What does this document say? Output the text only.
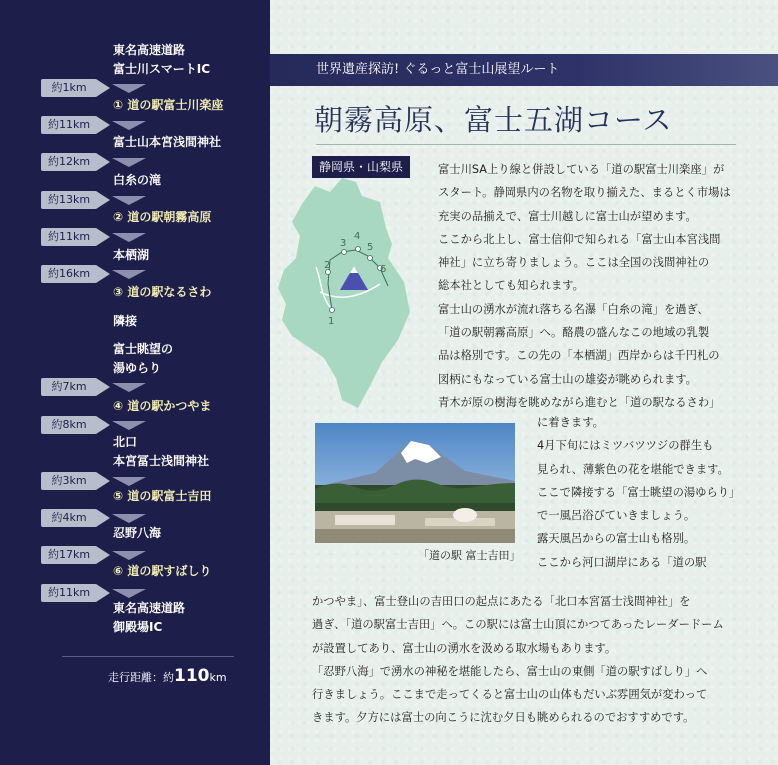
東名高速道路
富士川スマートIC
① 道の駅富士川楽座
富士山本宮浅間神社
白糸の滝
② 道の駅朝霧高原
本栖湖
③ 道の駅なるさわ
隣接
富士眺望の
湯ゆらり
④ 道の駅かつやま
北口
本宮冨士浅間神社
⑤ 道の駅富士吉田
忍野八海
⑥ 道の駅すばしり
東名高速道路
御殿場IC
約1km
約11km
約12km
約13km
約11km
約16km
約7km
約8km
約3km
約4km
約17km
約11km
走行距離：約110km
世界遺産探訪! ぐるっと富士山展望ルート
朝霧高原、富士五湖コース
1
2
3
4
5
6
静岡県・山梨県	富士川SA上り線と併設している「道の駅富士川楽座」が
スタート。静岡県内の名物を取り揃えた、まるとく市場は
充実の品揃えで、富士川越しに富士山が望めます。
ここから北上し、富士信仰で知られる「富士山本宮浅間
神社」に立ち寄りましょう。ここは全国の浅間神社の
総本社としても知られます。
富士山の湧水が流れ落ちる名瀑「白糸の滝」を過ぎ、
「道の駅朝霧高原」へ。酪農の盛んなこの地域の乳製
品は格別です。この先の「本栖湖」西岸からは千円札の
図柄にもなっている富士山の雄姿が眺められます。
青木が原の樹海を眺めながら進むと「道の駅なるさわ」
「道の駅 富士吉田」
に着きます。
4月下旬にはミツバツツジの群生も
見られ、薄紫色の花を堪能できます。
ここで隣接する「富士眺望の湯ゆらり」
で一風呂浴びていきましょう。
露天風呂からの富士山も格別。
ここから河口湖岸にある「道の駅
かつやま」、富士登山の吉田口の起点にあたる「北口本宮冨士浅間神社」を
過ぎ、「道の駅富士吉田」へ。この駅には富士山頂にかつてあったレーダードーム
が設置してあり、富士山の湧水を汲める取水場もあります。
「忍野八海」で湧水の神秘を堪能したら、富士山の東側「道の駅すばしり」へ
行きましょう。ここまで走ってくると富士山の山体もだいぶ雰囲気が変わって
きます。夕方には富士の向こうに沈む夕日も眺められるのでおすすめです。
